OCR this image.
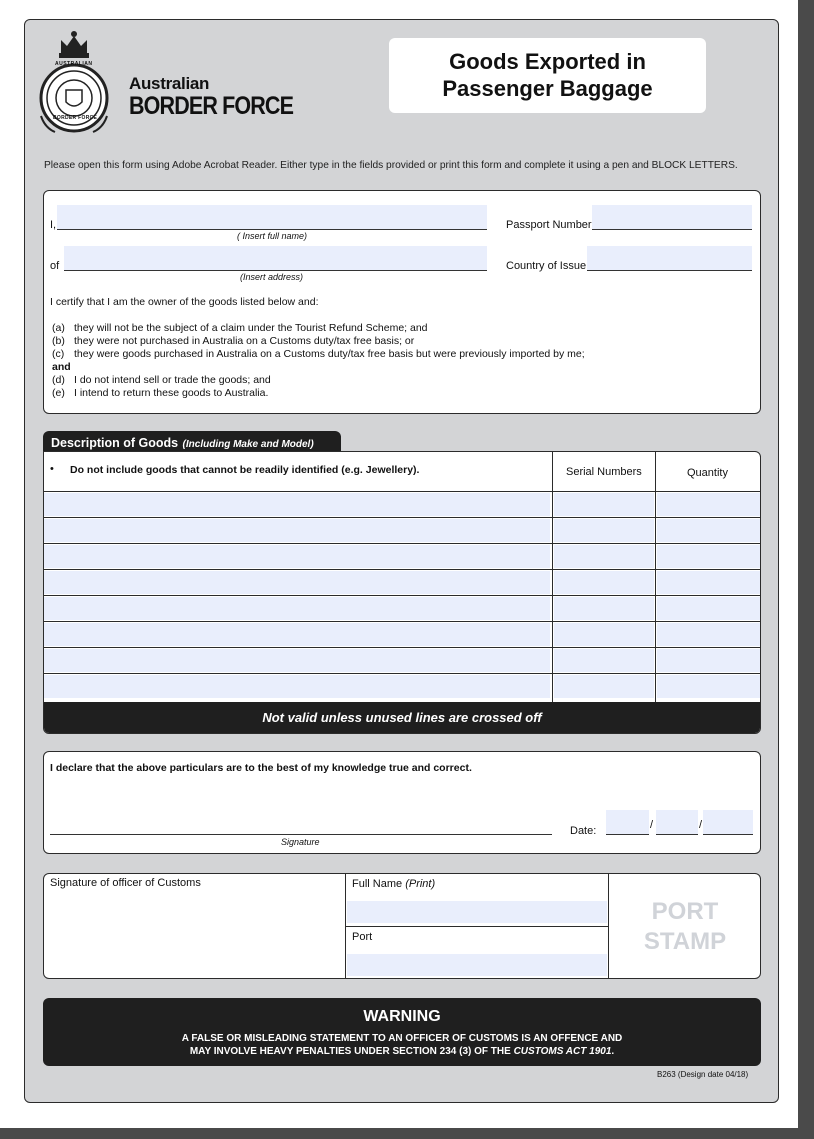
AUSTRALIAN
BORDER FORCE
Australian
BORDER FORCE
Goods Exported in
Passenger Baggage
Please open this form using Adobe Acrobat Reader. Either type in the fields provided or print this form and complete it using a pen and BLOCK LETTERS.
I,
( Insert full name)
Passport Number
of
(Insert address)
Country of Issue
I certify that I am the owner of the goods listed below and:
(a) they will not be the subject of a claim under the Tourist Refund Scheme; and
(b) they were not purchased in Australia on a Customs duty/tax free basis; or
(c) they were goods purchased in Australia on a Customs duty/tax free basis but were previously imported by me;
and
(d) I do not intend sell or trade the goods; and
(e) I intend to return these goods to Australia.
Description of Goods (Including Make and Model)
• Do not include goods that cannot be readily identified (e.g. Jewellery).	Serial Numbers	Quantity
Not valid unless unused lines are crossed off
I declare that the above particulars are to the best of my knowledge true and correct.
Signature
Date:	/	/
Signature of officer of Customs	Full Name (Print)
Port
PORT
STAMP
WARNING
A FALSE OR MISLEADING STATEMENT TO AN OFFICER OF CUSTOMS IS AN OFFENCE AND
MAY INVOLVE HEAVY PENALTIES UNDER SECTION 234 (3) OF THE CUSTOMS ACT 1901.
B263 (Design date 04/18)
